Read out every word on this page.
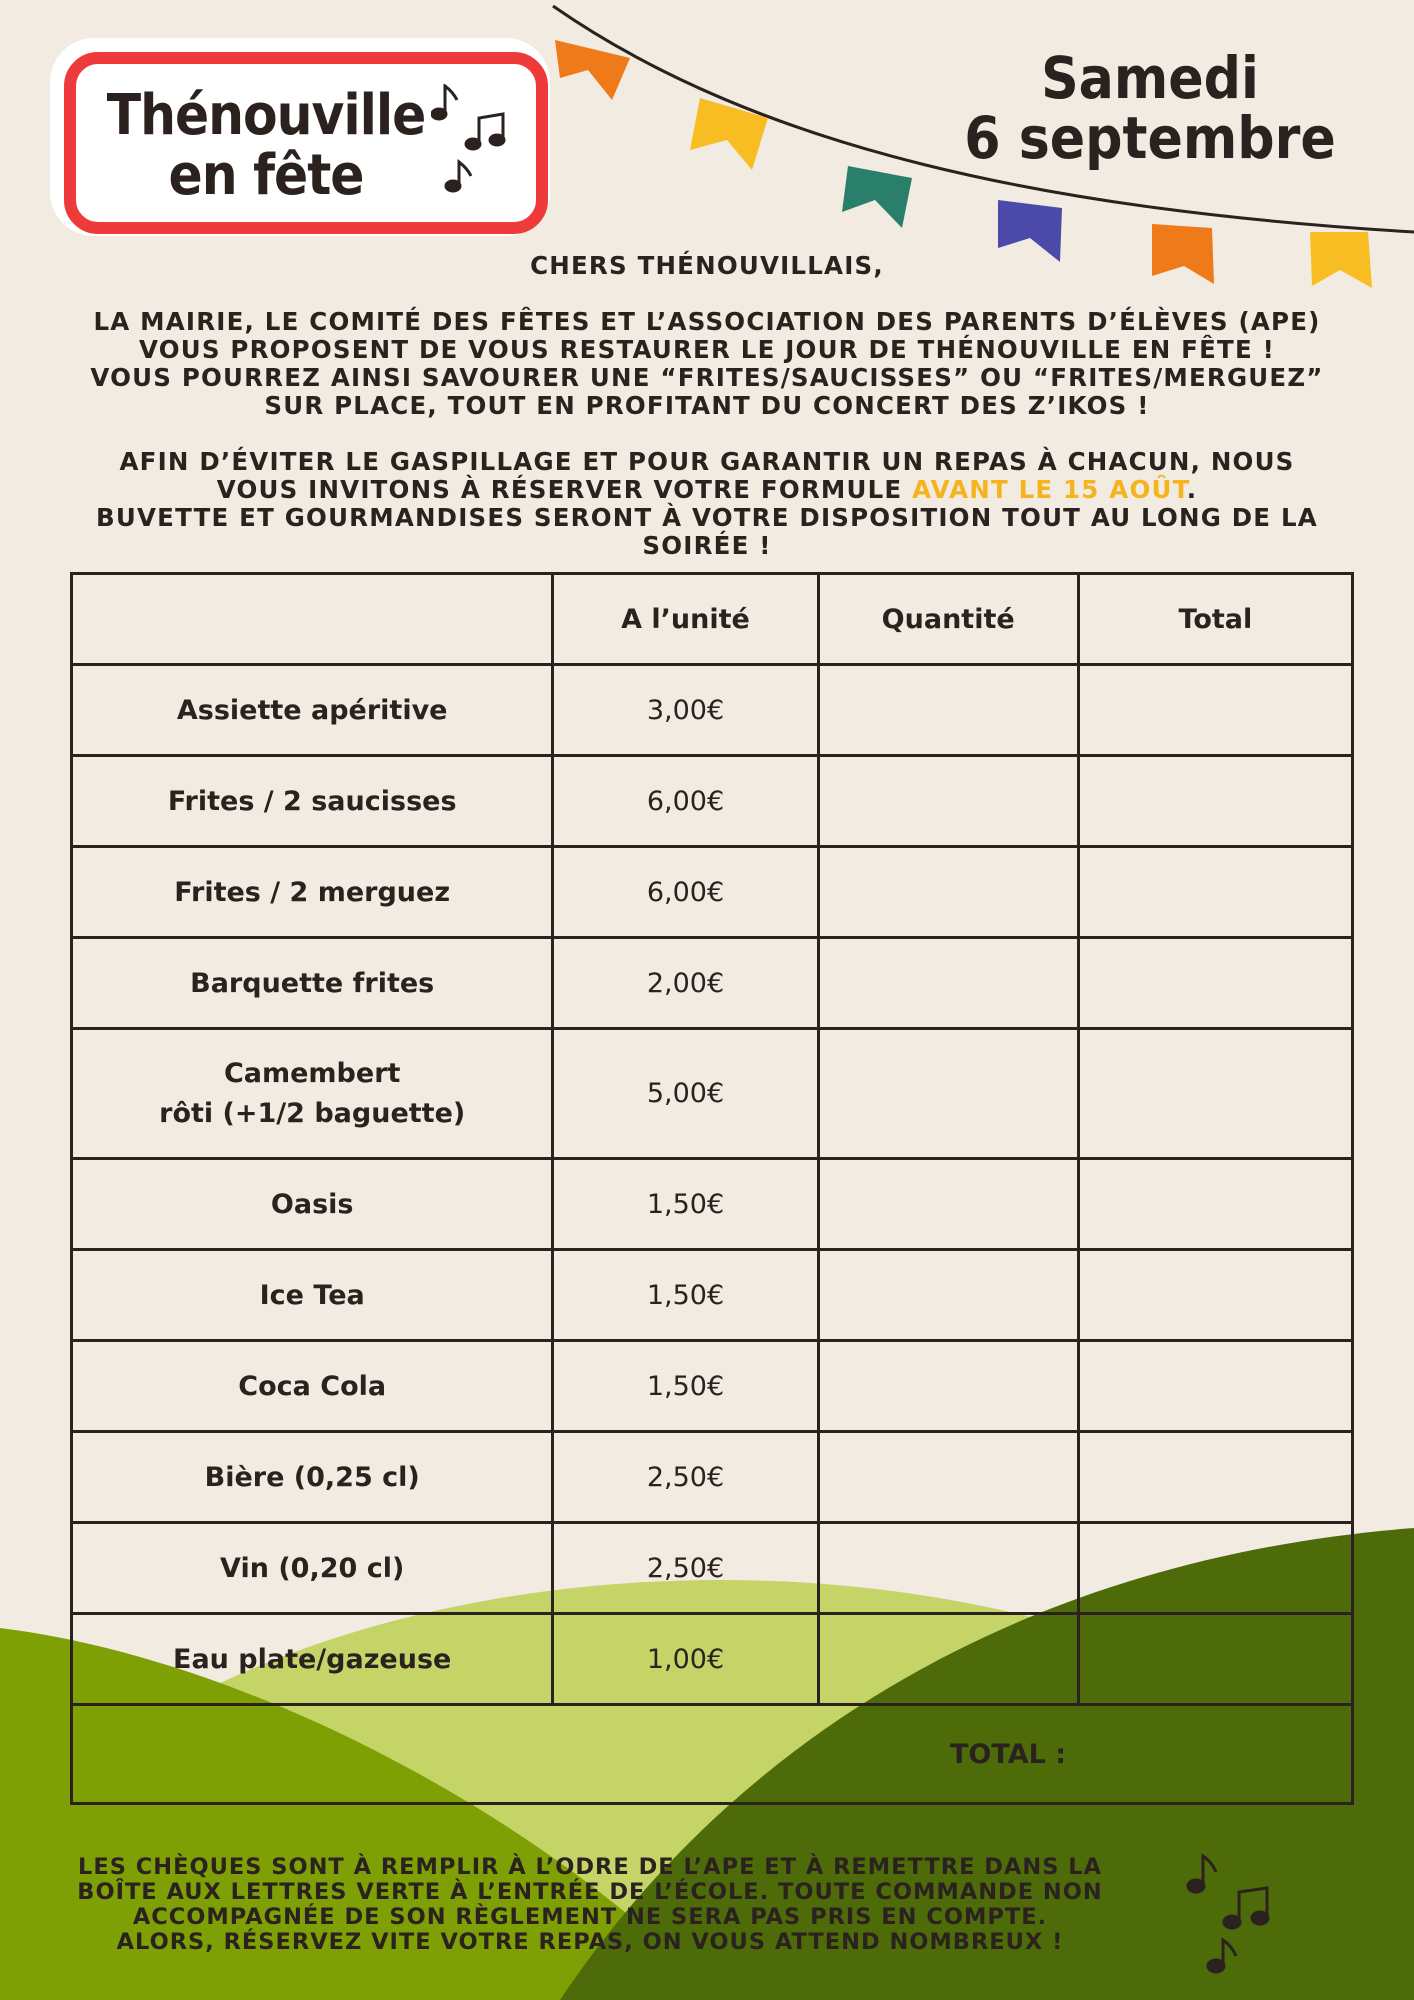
Thénouville
en fête
Samedi
6 septembre

CHERS THÉNOUVILLAIS,

LA MAIRIE, LE COMITÉ DES FÊTES ET L’ASSOCIATION DES PARENTS D’ÉLÈVES (APE)

VOUS PROPOSENT DE VOUS RESTAURER LE JOUR DE THÉNOUVILLE EN FÊTE !

VOUS POURREZ AINSI SAVOURER UNE “FRITES/SAUCISSES” OU “FRITES/MERGUEZ”

SUR PLACE, TOUT EN PROFITANT DU CONCERT DES Z’IKOS !

AFIN D’ÉVITER LE GASPILLAGE ET POUR GARANTIR UN REPAS À CHACUN, NOUS

VOUS INVITONS À RÉSERVER VOTRE FORMULE AVANT LE 15 AOÛT.

BUVETTE ET GOURMANDISES SERONT À VOTRE DISPOSITION TOUT AU LONG DE LA

SOIRÉE !

	A l’unité	Quantité	Total
Assiette apéritive	3,00€		
Frites / 2 saucisses	6,00€		
Frites / 2 merguez	6,00€		
Barquette frites	2,00€		

Camembert
rôti (+1/2 baguette)	5,00€		
Oasis	1,50€		
Ice Tea	1,50€		
Coca Cola	1,50€		
Bière (0,25 cl)	2,50€		
Vin (0,20 cl)	2,50€		
Eau plate/gazeuse	1,00€		
TOTAL :			

LES CHÈQUES SONT À REMPLIR À L’ODRE DE L’APE ET À REMETTRE DANS LA

BOÎTE AUX LETTRES VERTE À L’ENTRÉE DE L’ÉCOLE. TOUTE COMMANDE NON

ACCOMPAGNÉE DE SON RÈGLEMENT NE SERA PAS PRIS EN COMPTE.

ALORS, RÉSERVEZ VITE VOTRE REPAS, ON VOUS ATTEND NOMBREUX !
